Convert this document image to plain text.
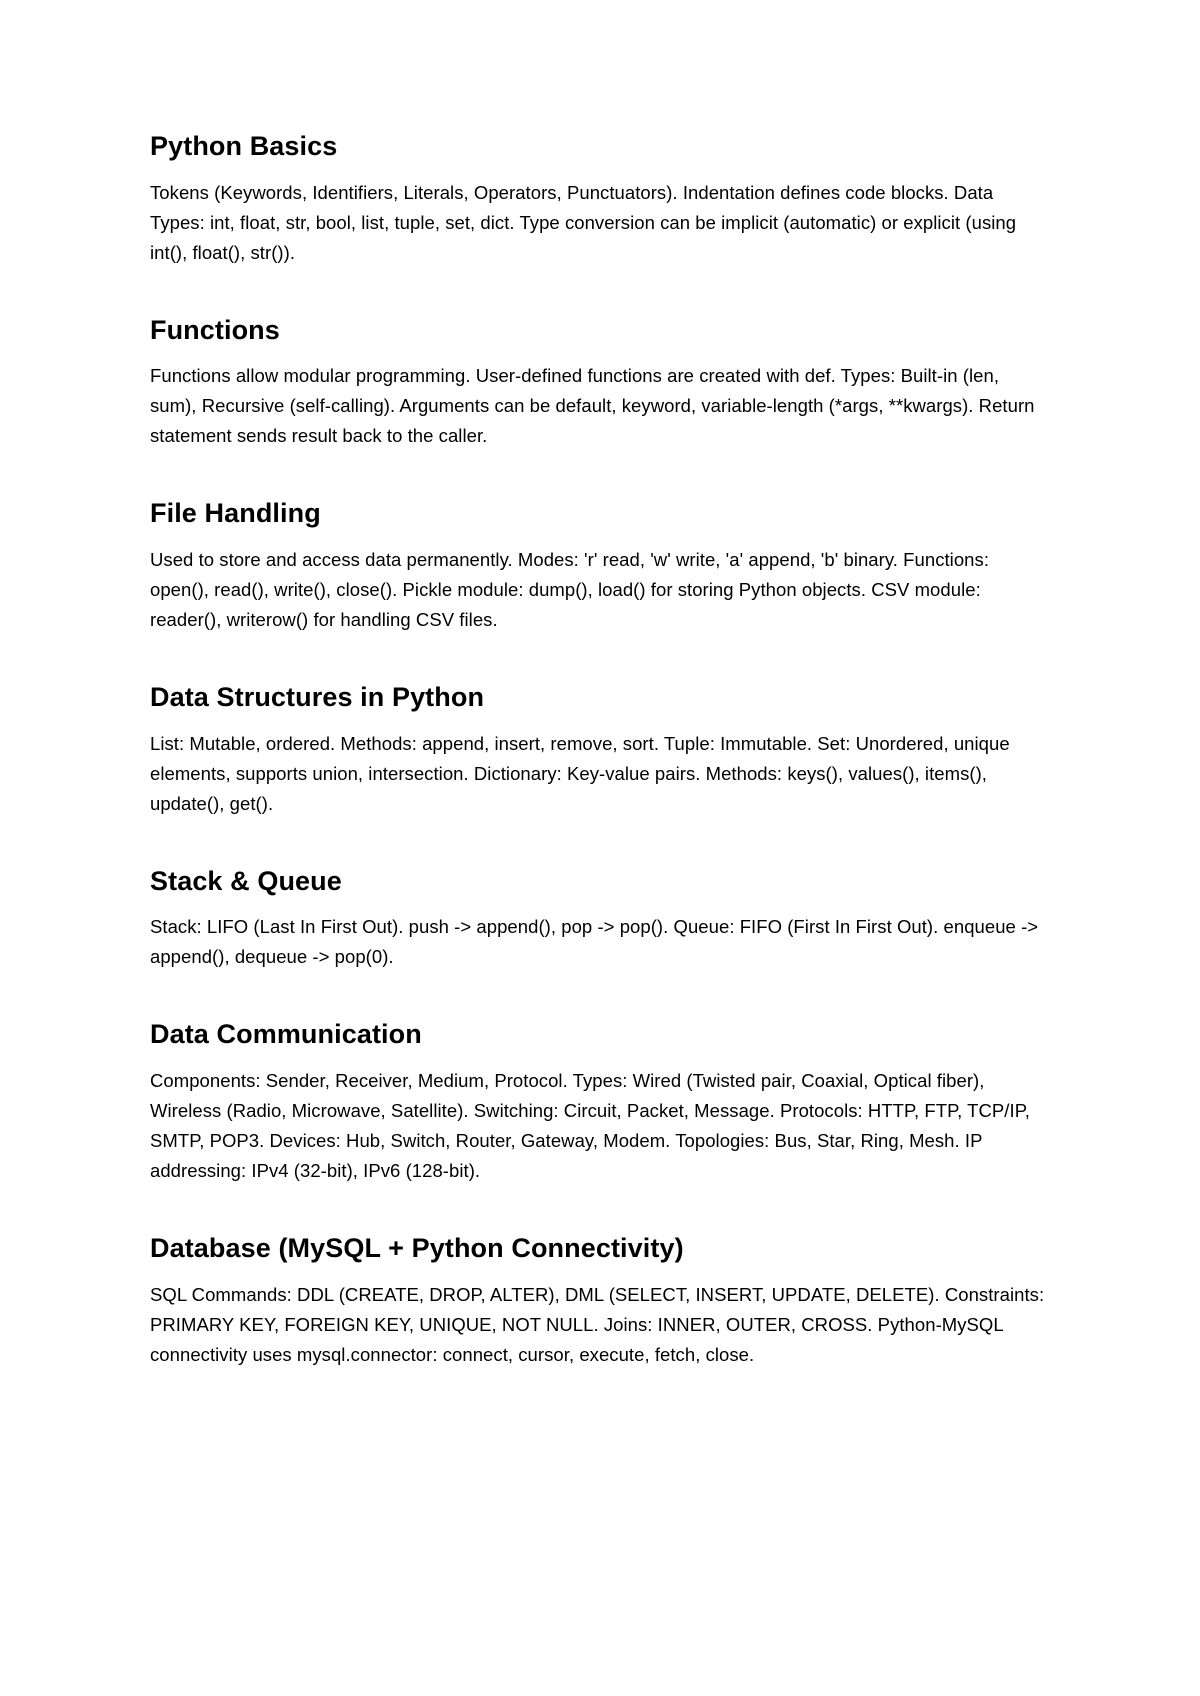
Python Basics

Tokens (Keywords, Identifiers, Literals, Operators, Punctuators). Indentation defines code blocks. Data Types: int, float, str, bool, list, tuple, set, dict. Type conversion can be implicit (automatic) or explicit (using int(), float(), str()).

Functions

Functions allow modular programming. User-defined functions are created with def. Types: Built-in (len, sum), Recursive (self-calling). Arguments can be default, keyword, variable-length (*args, **kwargs). Return statement sends result back to the caller.

File Handling

Used to store and access data permanently. Modes: 'r' read, 'w' write, 'a' append, 'b' binary. Functions: open(), read(), write(), close(). Pickle module: dump(), load() for storing Python objects. CSV module: reader(), writerow() for handling CSV files.

Data Structures in Python

List: Mutable, ordered. Methods: append, insert, remove, sort. Tuple: Immutable. Set: Unordered, unique elements, supports union, intersection. Dictionary: Key-value pairs. Methods: keys(), values(), items(), update(), get().

Stack & Queue

Stack: LIFO (Last In First Out). push -> append(), pop -> pop(). Queue: FIFO (First In First Out). enqueue -> append(), dequeue -> pop(0).

Data Communication

Components: Sender, Receiver, Medium, Protocol. Types: Wired (Twisted pair, Coaxial, Optical fiber), Wireless (Radio, Microwave, Satellite). Switching: Circuit, Packet, Message. Protocols: HTTP, FTP, TCP/IP, SMTP, POP3. Devices: Hub, Switch, Router, Gateway, Modem. Topologies: Bus, Star, Ring, Mesh. IP addressing: IPv4 (32-bit), IPv6 (128-bit).

Database (MySQL + Python Connectivity)

SQL Commands: DDL (CREATE, DROP, ALTER), DML (SELECT, INSERT, UPDATE, DELETE). Constraints: PRIMARY KEY, FOREIGN KEY, UNIQUE, NOT NULL. Joins: INNER, OUTER, CROSS. Python-MySQL connectivity uses mysql.connector: connect, cursor, execute, fetch, close.
